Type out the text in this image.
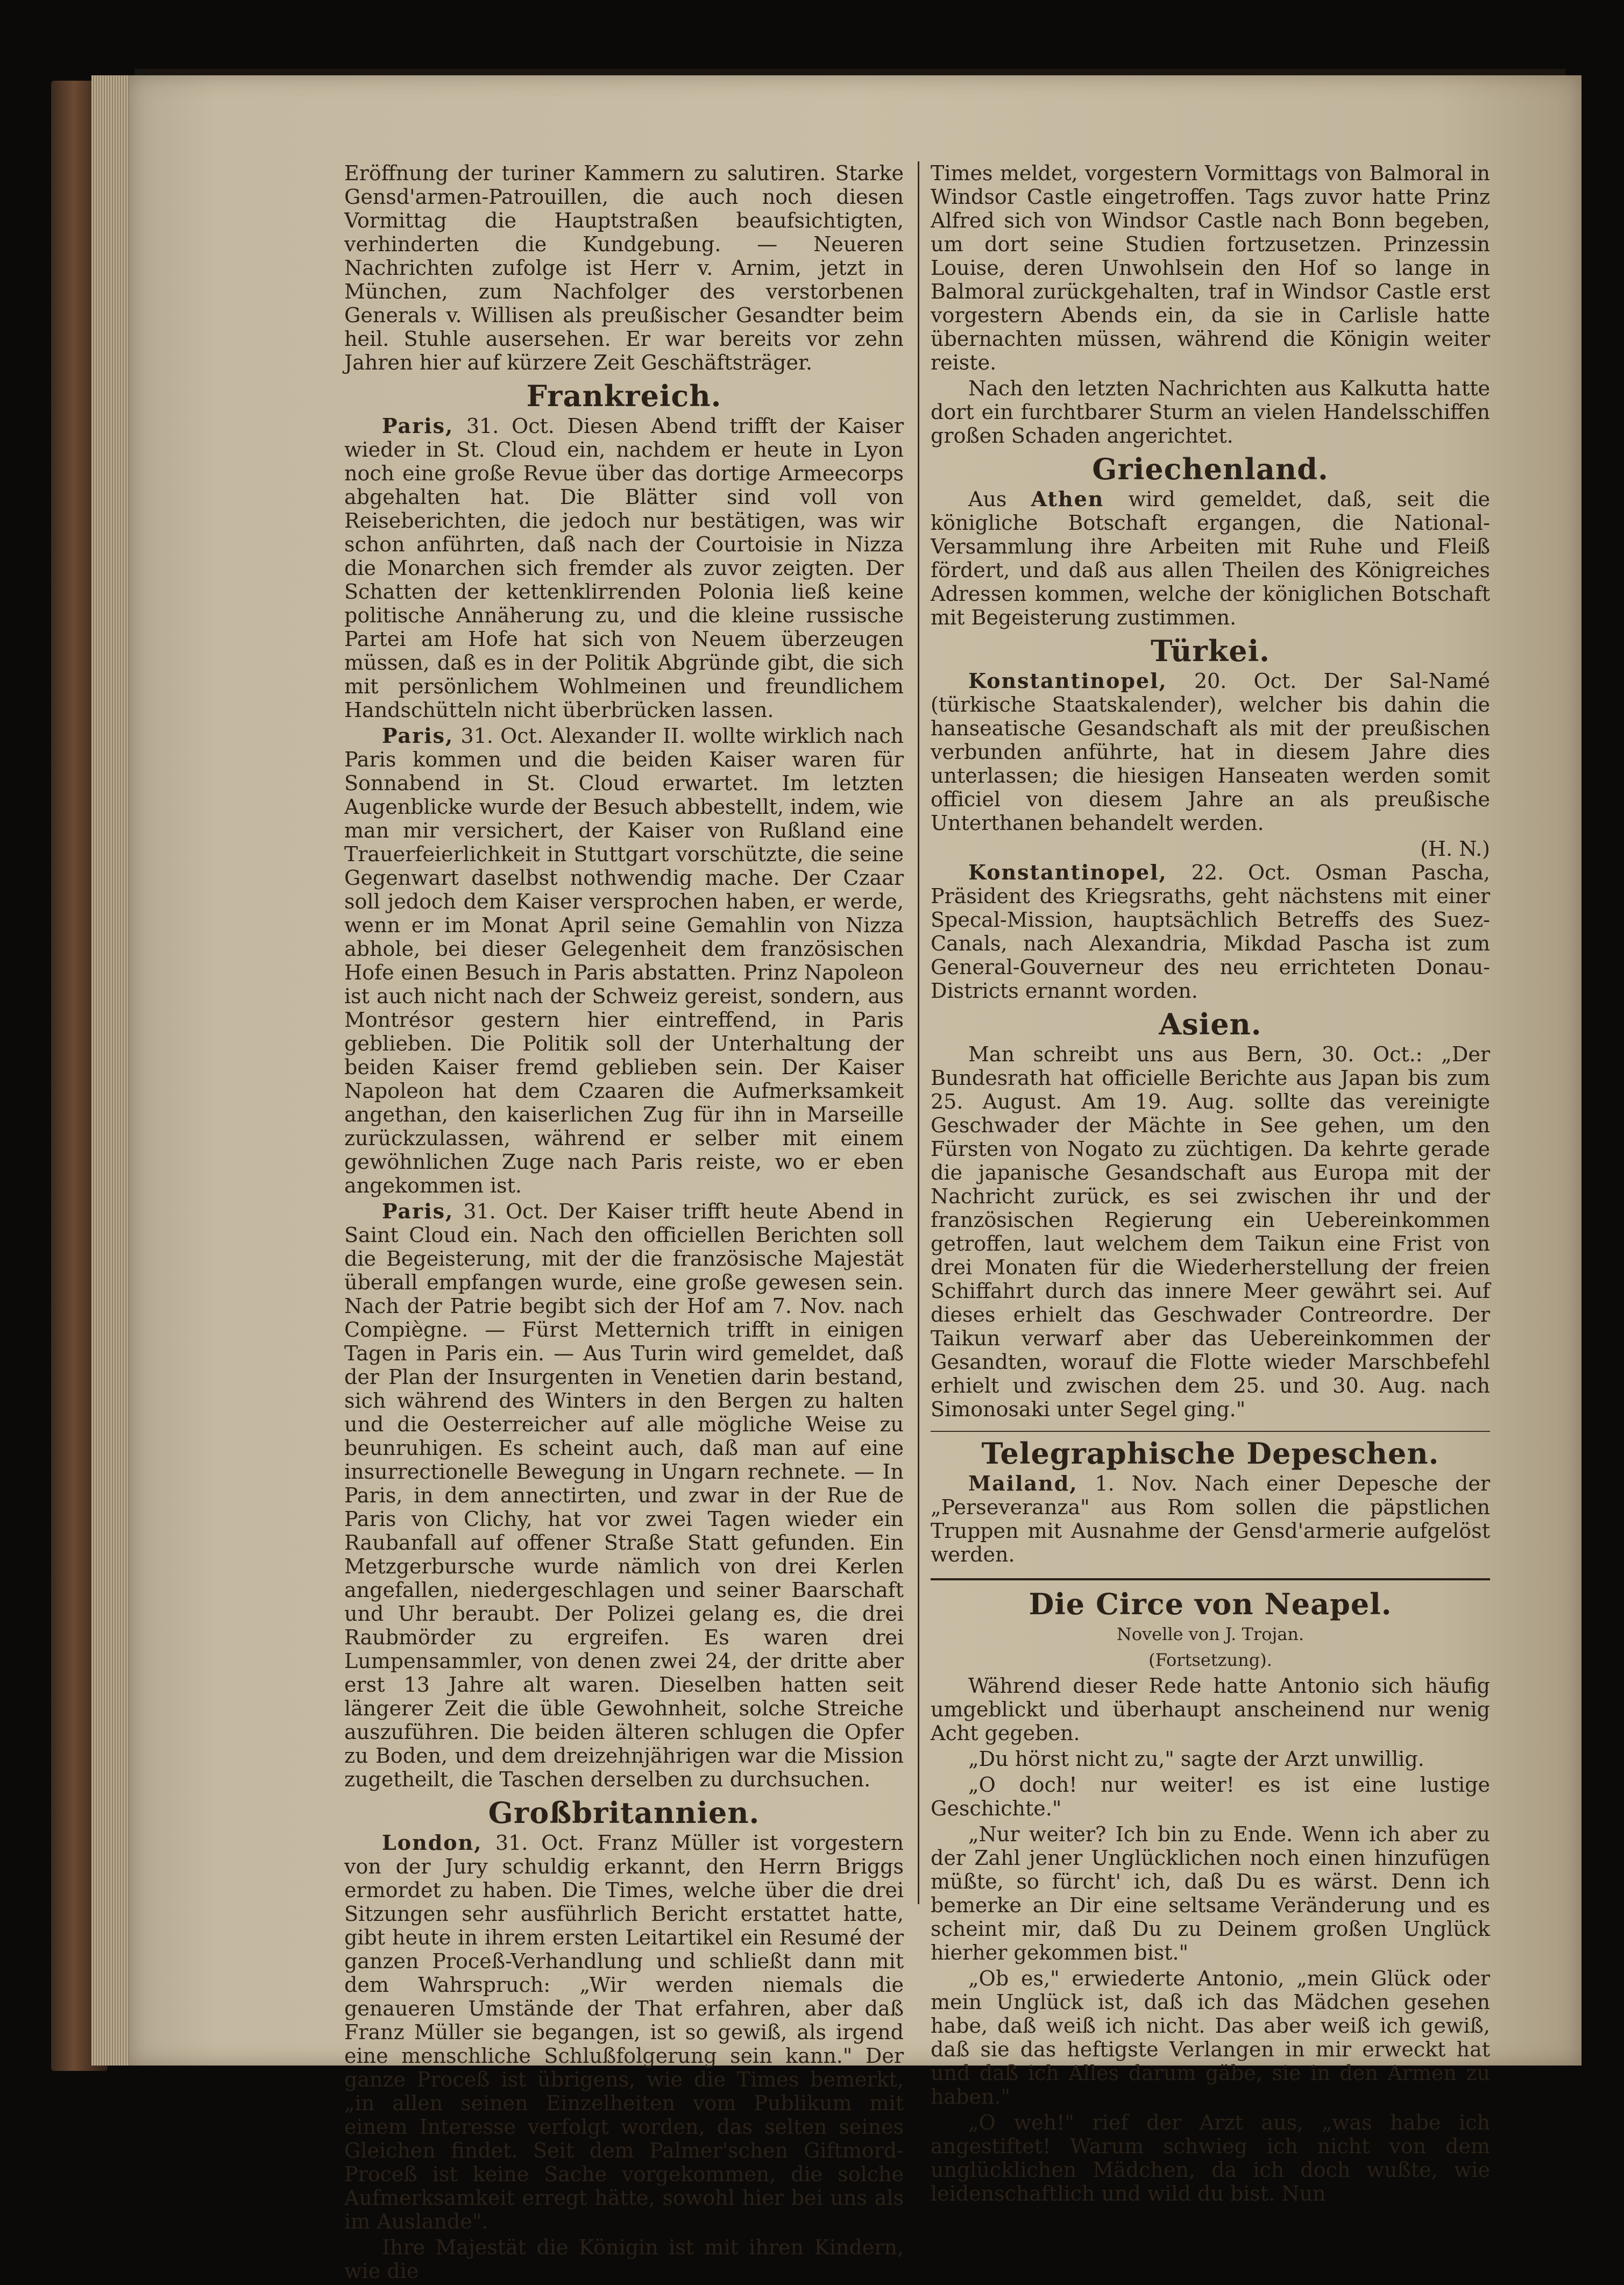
Eröffnung der turiner Kammern zu salutiren. Starke Gensd'armen-Patrouillen, die auch noch diesen Vormittag die Hauptstraßen beaufsichtigten, verhinderten die Kundgebung. — Neueren Nachrichten zufolge ist Herr v. Arnim, jetzt in München, zum Nachfolger des verstorbenen Generals v. Willisen als preußischer Gesandter beim heil. Stuhle ausersehen. Er war bereits vor zehn Jahren hier auf kürzere Zeit Geschäftsträger.

Frankreich.

Paris, 31. Oct. Diesen Abend trifft der Kaiser wieder in St. Cloud ein, nachdem er heute in Lyon noch eine große Revue über das dortige Armeecorps abgehalten hat. Die Blätter sind voll von Reiseberichten, die jedoch nur bestätigen, was wir schon anführten, daß nach der Courtoisie in Nizza die Monarchen sich fremder als zuvor zeigten. Der Schatten der kettenklirrenden Polonia ließ keine politische Annäherung zu, und die kleine russische Partei am Hofe hat sich von Neuem überzeugen müssen, daß es in der Politik Abgründe gibt, die sich mit persönlichem Wohlmeinen und freundlichem Handschütteln nicht überbrücken lassen.

Paris, 31. Oct. Alexander II. wollte wirklich nach Paris kommen und die beiden Kaiser waren für Sonnabend in St. Cloud erwartet. Im letzten Augenblicke wurde der Besuch abbestellt, indem, wie man mir versichert, der Kaiser von Rußland eine Trauerfeierlichkeit in Stuttgart vorschützte, die seine Gegenwart daselbst nothwendig mache. Der Czaar soll jedoch dem Kaiser versprochen haben, er werde, wenn er im Monat April seine Gemahlin von Nizza abhole, bei dieser Gelegenheit dem französischen Hofe einen Besuch in Paris abstatten. Prinz Napoleon ist auch nicht nach der Schweiz gereist, sondern, aus Montrésor gestern hier eintreffend, in Paris geblieben. Die Politik soll der Unterhaltung der beiden Kaiser fremd geblieben sein. Der Kaiser Napoleon hat dem Czaaren die Aufmerksamkeit angethan, den kaiserlichen Zug für ihn in Marseille zurückzulassen, während er selber mit einem gewöhnlichen Zuge nach Paris reiste, wo er eben angekommen ist.

Paris, 31. Oct. Der Kaiser trifft heute Abend in Saint Cloud ein. Nach den officiellen Berichten soll die Begeisterung, mit der die französische Majestät überall empfangen wurde, eine große gewesen sein. Nach der Patrie begibt sich der Hof am 7. Nov. nach Compiègne. — Fürst Metternich trifft in einigen Tagen in Paris ein. — Aus Turin wird gemeldet, daß der Plan der Insurgenten in Venetien darin bestand, sich während des Winters in den Bergen zu halten und die Oesterreicher auf alle mögliche Weise zu beunruhigen. Es scheint auch, daß man auf eine insurrectionelle Bewegung in Ungarn rechnete. — In Paris, in dem annectirten, und zwar in der Rue de Paris von Clichy, hat vor zwei Tagen wieder ein Raubanfall auf offener Straße Statt gefunden. Ein Metzgerbursche wurde nämlich von drei Kerlen angefallen, niedergeschlagen und seiner Baarschaft und Uhr beraubt. Der Polizei gelang es, die drei Raubmörder zu ergreifen. Es waren drei Lumpensammler, von denen zwei 24, der dritte aber erst 13 Jahre alt waren. Dieselben hatten seit längerer Zeit die üble Gewohnheit, solche Streiche auszuführen. Die beiden älteren schlugen die Opfer zu Boden, und dem dreizehnjährigen war die Mission zugetheilt, die Taschen derselben zu durchsuchen.

Großbritannien.

London, 31. Oct. Franz Müller ist vorgestern von der Jury schuldig erkannt, den Herrn Briggs ermordet zu haben. Die Times, welche über die drei Sitzungen sehr ausführlich Bericht erstattet hatte, gibt heute in ihrem ersten Leitartikel ein Resumé der ganzen Proceß-Verhandlung und schließt dann mit dem Wahrspruch: „Wir werden niemals die genaueren Umstände der That erfahren, aber daß Franz Müller sie begangen, ist so gewiß, als irgend eine menschliche Schlußfolgerung sein kann." Der ganze Proceß ist übrigens, wie die Times bemerkt, „in allen seinen Einzelheiten vom Publikum mit einem Interesse verfolgt worden, das selten seines Gleichen findet. Seit dem Palmer'schen Giftmord-Proceß ist keine Sache vorgekommen, die solche Aufmerksamkeit erregt hätte, sowohl hier bei uns als im Auslande".

Ihre Majestät die Königin ist mit ihren Kindern, wie die

Times meldet, vorgestern Vormittags von Balmoral in Windsor Castle eingetroffen. Tags zuvor hatte Prinz Alfred sich von Windsor Castle nach Bonn begeben, um dort seine Studien fortzusetzen. Prinzessin Louise, deren Unwohlsein den Hof so lange in Balmoral zurückgehalten, traf in Windsor Castle erst vorgestern Abends ein, da sie in Carlisle hatte übernachten müssen, während die Königin weiter reiste.

Nach den letzten Nachrichten aus Kalkutta hatte dort ein furchtbarer Sturm an vielen Handelsschiffen großen Schaden angerichtet.

Griechenland.

Aus Athen wird gemeldet, daß, seit die königliche Botschaft ergangen, die National-Versammlung ihre Arbeiten mit Ruhe und Fleiß fördert, und daß aus allen Theilen des Königreiches Adressen kommen, welche der königlichen Botschaft mit Begeisterung zustimmen.

Türkei.

Konstantinopel, 20. Oct. Der Sal-Namé (türkische Staatskalender), welcher bis dahin die hanseatische Gesandschaft als mit der preußischen verbunden anführte, hat in diesem Jahre dies unterlassen; die hiesigen Hanseaten werden somit officiel von diesem Jahre an als preußische Unterthanen behandelt werden.

(H. N.)

Konstantinopel, 22. Oct. Osman Pascha, Präsident des Kriegsraths, geht nächstens mit einer Specal-Mission, hauptsächlich Betreffs des Suez-Canals, nach Alexandria, Mikdad Pascha ist zum General-Gouverneur des neu errichteten Donau-Districts ernannt worden.

Asien.

Man schreibt uns aus Bern, 30. Oct.: „Der Bundesrath hat officielle Berichte aus Japan bis zum 25. August. Am 19. Aug. sollte das vereinigte Geschwader der Mächte in See gehen, um den Fürsten von Nogato zu züchtigen. Da kehrte gerade die japanische Gesandschaft aus Europa mit der Nachricht zurück, es sei zwischen ihr und der französischen Regierung ein Uebereinkommen getroffen, laut welchem dem Taikun eine Frist von drei Monaten für die Wiederherstellung der freien Schiffahrt durch das innere Meer gewährt sei. Auf dieses erhielt das Geschwader Contreordre. Der Taikun verwarf aber das Uebereinkommen der Gesandten, worauf die Flotte wieder Marschbefehl erhielt und zwischen dem 25. und 30. Aug. nach Simonosaki unter Segel ging."

Telegraphische Depeschen.

Mailand, 1. Nov. Nach einer Depesche der „Perseveranza" aus Rom sollen die päpstlichen Truppen mit Ausnahme der Gensd'armerie aufgelöst werden.

Die Circe von Neapel.
Novelle von J. Trojan.
(Fortsetzung).

Während dieser Rede hatte Antonio sich häufig umgeblickt und überhaupt anscheinend nur wenig Acht gegeben.

„Du hörst nicht zu," sagte der Arzt unwillig.

„O doch! nur weiter! es ist eine lustige Geschichte."

„Nur weiter? Ich bin zu Ende. Wenn ich aber zu der Zahl jener Unglücklichen noch einen hinzufügen müßte, so fürcht' ich, daß Du es wärst. Denn ich bemerke an Dir eine seltsame Veränderung und es scheint mir, daß Du zu Deinem großen Unglück hierher gekommen bist."

„Ob es," erwiederte Antonio, „mein Glück oder mein Unglück ist, daß ich das Mädchen gesehen habe, daß weiß ich nicht. Das aber weiß ich gewiß, daß sie das heftigste Verlangen in mir erweckt hat und daß ich Alles darum gäbe, sie in den Armen zu haben."

„O weh!" rief der Arzt aus, „was habe ich angestiftet! Warum schwieg ich nicht von dem unglücklichen Mädchen, da ich doch wußte, wie leidenschaftlich und wild du bist. Nun
